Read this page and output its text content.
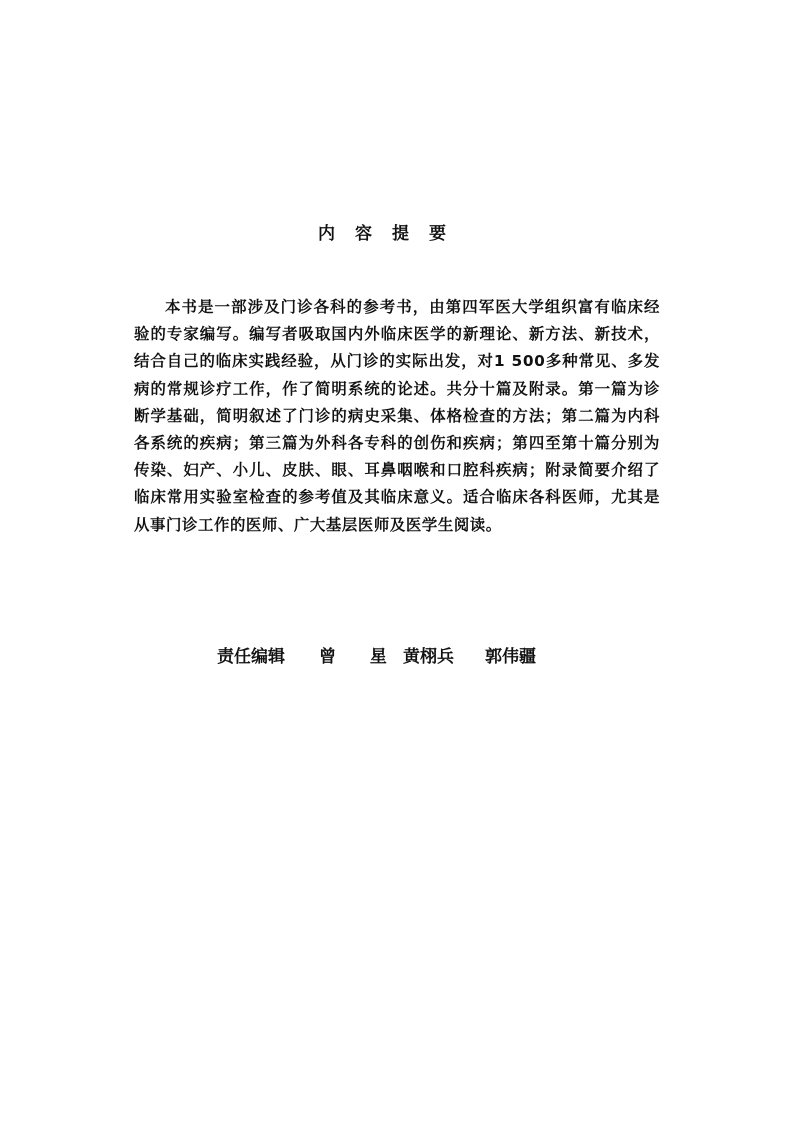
内 容 提 要

本书是一部涉及门诊各科的参考书，由第四军医大学组织富有临床经验的专家编写。编写者吸取国内外临床医学的新理论、新方法、新技术，结合自己的临床实践经验，从门诊的实际出发，对1 500多种常见、多发病的常规诊疗工作，作了简明系统的论述。共分十篇及附录。第一篇为诊断学基础，简明叙述了门诊的病史采集、体格检查的方法；第二篇为内科各系统的疾病；第三篇为外科各专科的创伤和疾病；第四至第十篇分别为传染、妇产、小儿、皮肤、眼、耳鼻咽喉和口腔科疾病；附录简要介绍了临床常用实验室检查的参考值及其临床意义。适合临床各科医师，尤其是从事门诊工作的医师、广大基层医师及医学生阅读。

责任编辑 曾 星 黄栩兵 郭伟疆
